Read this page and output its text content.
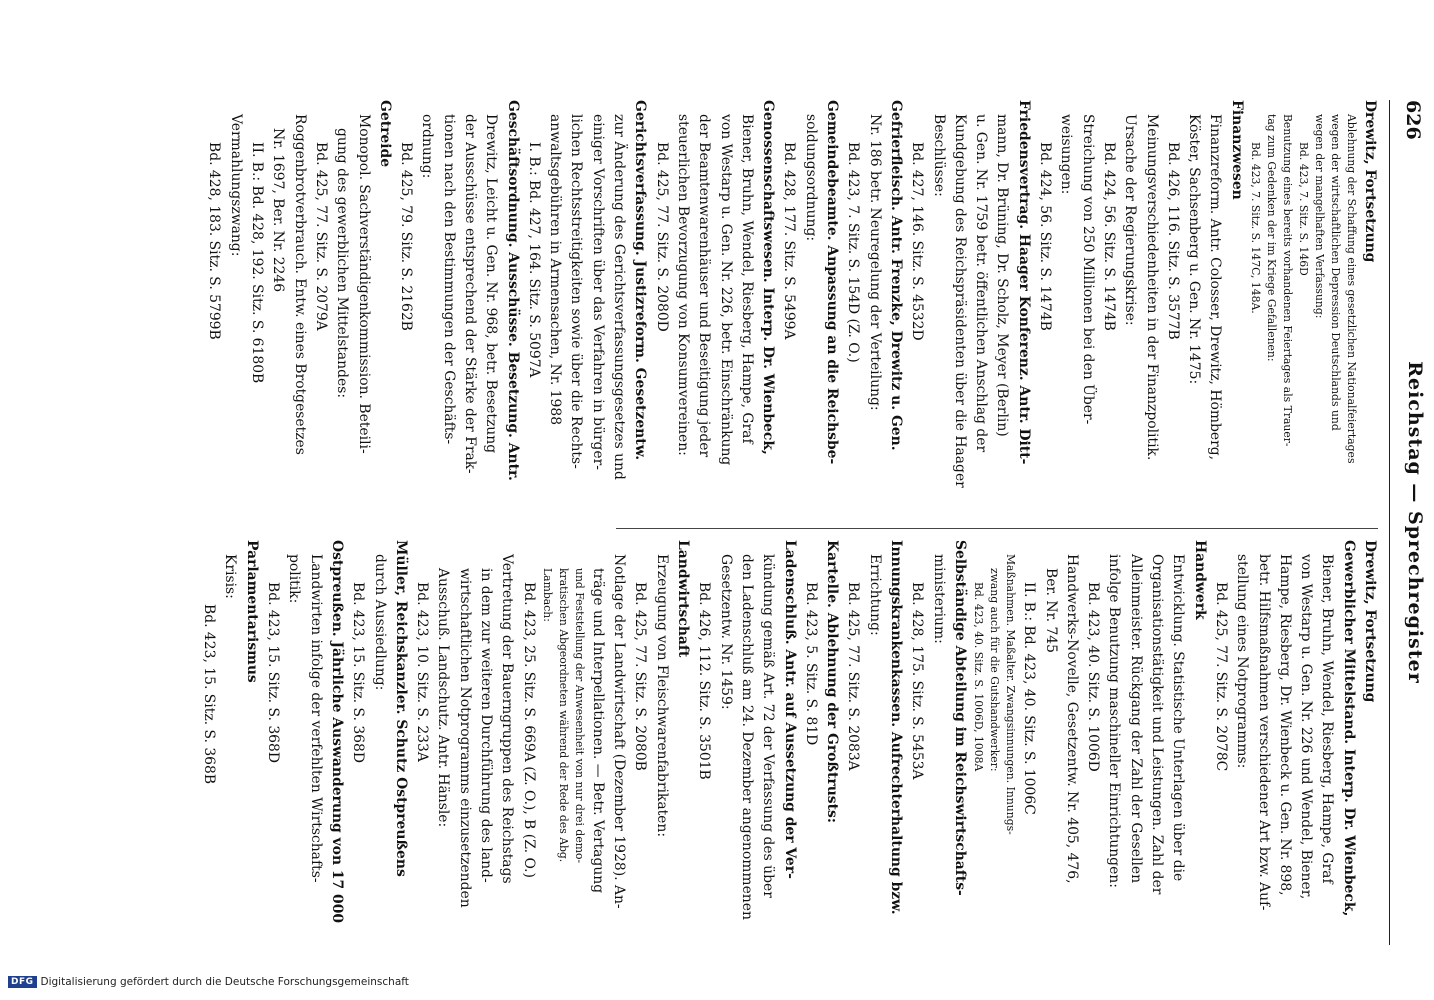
626
Reichstag — Sprechregister

Drewitz, Fortsetzung

Ablehnung der Schaffung eines gesetzlichen Nationalfeiertages

wegen der wirtschaftlichen Depression Deutschlands und

wegen der mangelhaften Verfassung:

Bd. 423, 7. Sitz. S. 146D

Benutzung eines bereits vorhandenen Feiertages als Trauer-

tag zum Gedenken der im Kriege Gefallenen:

Bd. 423, 7. Sitz. S. 147C, 148A.

Finanzwesen

Finanzreform. Antr. Colosser, Drewitz, Hömberg,

Köster, Sachsenberg u. Gen. Nr. 1475:

Bd. 426, 116. Sitz. S. 3577B

Meinungsverschiedenheiten in der Finanzpolitik.

Ursache der Regierungskrise:

Bd. 424, 56. Sitz. S. 1474B

Streichung von 250 Millionen bei den Über-

weisungen:

Bd. 424, 56. Sitz. S. 1474B

Friedensvertrag. Haager Konferenz. Antr. Ditt-

mann, Dr. Brüning, Dr. Scholz, Meyer (Berlin)

u. Gen. Nr. 1759 betr. öffentlichen Anschlag der

Kundgebung des Reichspräsidenten über die Haager

Beschlüsse:

Bd. 427, 146. Sitz. S. 4532D

Gefrierfleisch. Antr. Frenzke, Drewitz u. Gen.

Nr. 186 betr. Neuregelung der Verteilung:

Bd. 423, 7. Sitz. S. 154D (Z. O.)

Gemeindebeamte. Anpassung an die Reichsbe-

soldungsordnung:

Bd. 428, 177. Sitz. S. 5499A

Genossenschaftswesen. Interp. Dr. Wienbeck,

Biener, Bruhn, Wendel, Riesberg, Hampe, Graf

von Westarp u. Gen. Nr. 226, betr. Einschränkung

der Beamtenwarenhäuser und Beseitigung jeder

steuerlichen Bevorzugung von Konsumvereinen:

Bd. 425, 77. Sitz. S. 2080D

Gerichtsverfassung. Justizreform. Gesetzentw.

zur Änderung des Gerichtsverfassungsgesetzes und

einiger Vorschriften über das Verfahren in bürger-

lichen Rechtsstreitigkeiten sowie über die Rechts-

anwaltsgebühren in Armensachen, Nr. 1988

I. B.: Bd. 427, 164. Sitz. S. 5097A

Geschäftsordnung. Ausschüsse. Besetzung. Antr.

Drewitz, Leicht u. Gen. Nr. 968, betr. Besetzung

der Ausschüsse entsprechend der Stärke der Frak-

tionen nach den Bestimmungen der Geschäfts-

ordnung:

Bd. 425, 79. Sitz. S. 2162B

Getreide

Monopol. Sachverständigenkommission. Beteili-

gung des gewerblichen Mittelstandes:

Bd. 425, 77. Sitz. S. 2079A

Roggenbrotverbrauch. Entw. eines Brotgesetzes

Nr. 1697, Ber. Nr. 2246

II. B.: Bd. 428, 192. Sitz. S. 6180B

Vermahlungszwang:

Bd. 428, 183. Sitz. S. 5799B

Drewitz, Fortsetzung

Gewerblicher Mittelstand. Interp. Dr. Wienbeck,

Biener, Bruhn, Wendel, Riesberg, Hampe, Graf

von Westarp u. Gen. Nr. 226 und Wendel, Biener,

Hampe, Riesberg, Dr. Wienbeck u. Gen. Nr. 898,

betr. Hilfsmaßnahmen verschiedener Art bzw. Auf-

stellung eines Notprogramms:

Bd. 425, 77. Sitz. S. 2078C

Handwerk

Entwicklung. Statistische Unterlagen über die

Organisationstätigkeit und Leistungen. Zahl der

Alleinmeister. Rückgang der Zahl der Gesellen

infolge Benutzung maschineller Einrichtungen:

Bd. 423, 40. Sitz. S. 1006D

Handwerks-Novelle, Gesetzentw. Nr. 405, 476,

Ber. Nr. 745

II. B.: Bd. 423, 40. Sitz. S. 1006C

Maßnahmen. Maßalter. Zwangsinnungen. Innungs-

zwang auch für die Gutshandwerker:

Bd. 423, 40. Sitz. S. 1006D, 1008A

Selbständige Abteilung im Reichswirtschafts-

ministerium:

Bd. 428, 175. Sitz. S. 5453A

Innungskrankenkassen. Aufrechterhaltung bzw.

Errichtung:

Bd. 425, 77. Sitz. S. 2083A

Kartelle. Ablehnung der Großtrusts:

Bd. 423, 5. Sitz. S. 81D

Ladenschluß. Antr. auf Aussetzung der Ver-

kündung gemäß Art. 72 der Verfassung des über

den Ladenschluß am 24. Dezember angenommenen

Gesetzentw. Nr. 1459:

Bd. 426, 112. Sitz. S. 3501B

Landwirtschaft

Erzeugung von Fleischwarenfabrikaten:

Bd. 425, 77. Sitz. S. 2080B

Notlage der Landwirtschaft (Dezember 1928). An-

träge und Interpellationen. — Betr. Vertagung

und Feststellung der Anwesenheit von nur drei demo-

kratischen Abgeordneten während der Rede des Abg.

Lambach:

Bd. 423, 25. Sitz. S. 669A (Z. O.), B (Z. O.)

Vertretung der Bauerngruppen des Reichstags

in dem zur weiteren Durchführung des land-

wirtschaftlichen Notprogramms einzusetzenden

Ausschuß. Landschutz. Antr. Hänsle:

Bd. 423, 10. Sitz. S. 233A

Müller, Reichskanzler. Schutz Ostpreußens

durch Aussiedlung:

Bd. 423, 15. Sitz. S. 368D

Ostpreußen. Jährliche Auswanderung von 17 000

Landwirten infolge der verfehlten Wirtschafts-

politik:

Bd. 423, 15. Sitz. S. 368D

Parlamentarismus

Krisis:

Bd. 423, 15. Sitz. S. 368B

DFG Digitalisierung gefördert durch die Deutsche Forschungsgemeinschaft
